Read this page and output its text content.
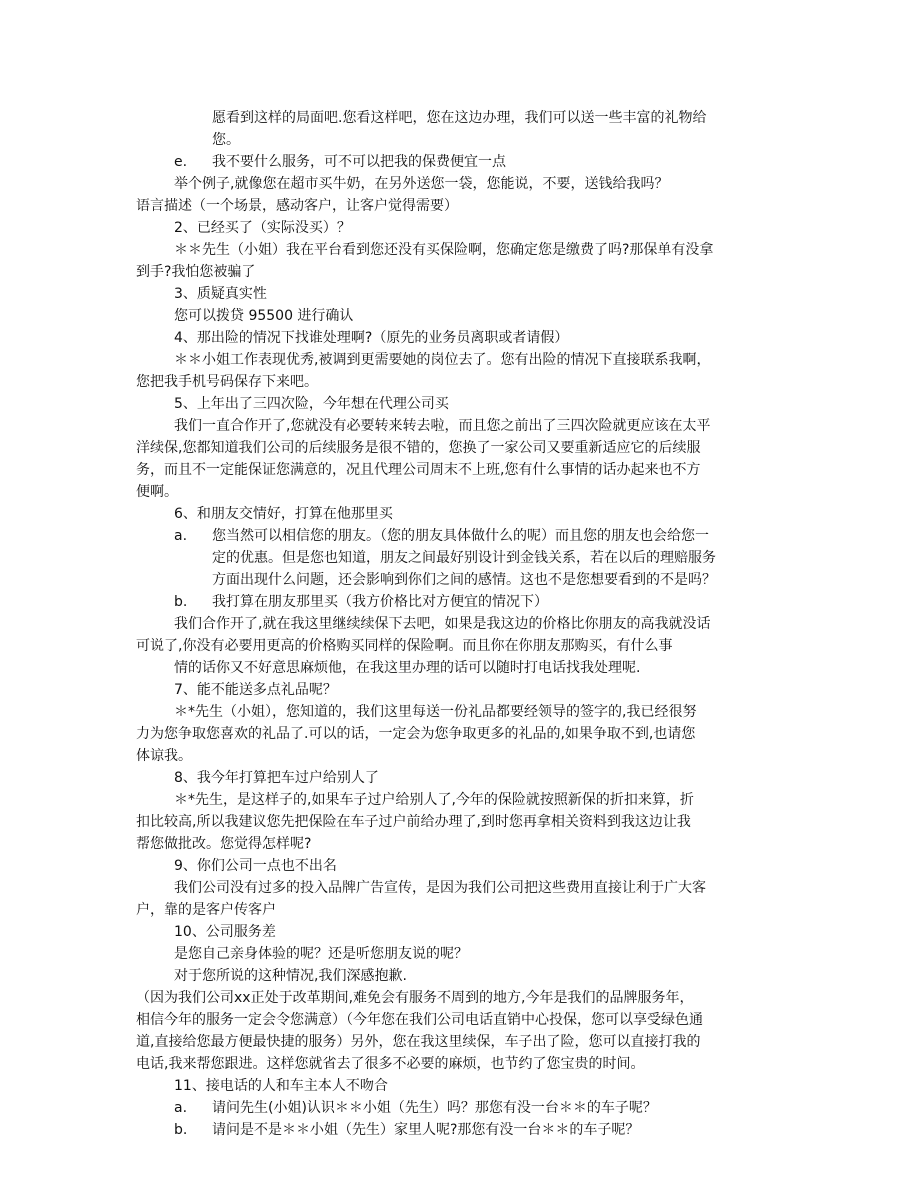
愿看到这样的局面吧.您看这样吧，您在这边办理，我们可以送一些丰富的礼物给
您。
e. 我不要什么服务，可不可以把我的保费便宜一点
举个例子,就像您在超市买牛奶，在另外送您一袋，您能说，不要，送钱给我吗？
语言描述（一个场景，感动客户，让客户觉得需要）
2、已经买了（实际没买）？
＊＊先生（小姐）我在平台看到您还没有买保险啊，您确定您是缴费了吗?那保单有没拿
到手?我怕您被骗了
3、质疑真实性
您可以拨贷 95500 进行确认
4、那出险的情况下找谁处理啊?（原先的业务员离职或者请假）
＊＊小姐工作表现优秀,被调到更需要她的岗位去了。您有出险的情况下直接联系我啊，
您把我手机号码保存下来吧。
5、上年出了三四次险，今年想在代理公司买
我们一直合作开了,您就没有必要转来转去啦，而且您之前出了三四次险就更应该在太平
洋续保,您都知道我们公司的后续服务是很不错的，您换了一家公司又要重新适应它的后续服
务，而且不一定能保证您满意的，况且代理公司周末不上班,您有什么事情的话办起来也不方
便啊。
6、和朋友交情好，打算在他那里买
a. 您当然可以相信您的朋友。（您的朋友具体做什么的呢）而且您的朋友也会给您一
定的优惠。但是您也知道，朋友之间最好别设计到金钱关系，若在以后的理赔服务
方面出现什么问题，还会影响到你们之间的感情。这也不是您想要看到的不是吗？
b. 我打算在朋友那里买（我方价格比对方便宜的情况下）
我们合作开了,就在我这里继续续保下去吧，如果是我这边的价格比你朋友的高我就没话
可说了,你没有必要用更高的价格购买同样的保险啊。而且你在你朋友那购买，有什么事
情的话你又不好意思麻烦他，在我这里办理的话可以随时打电话找我处理呢.
7、能不能送多点礼品呢？
＊*先生（小姐），您知道的，我们这里每送一份礼品都要经领导的签字的,我已经很努
力为您争取您喜欢的礼品了.可以的话，一定会为您争取更多的礼品的,如果争取不到,也请您
体谅我。
8、我今年打算把车过户给别人了
＊*先生，是这样子的,如果车子过户给别人了,今年的保险就按照新保的折扣来算，折
扣比较高,所以我建议您先把保险在车子过户前给办理了,到时您再拿相关资料到我这边让我
帮您做批改。您觉得怎样呢?
9、你们公司一点也不出名
我们公司没有过多的投入品牌广告宣传，是因为我们公司把这些费用直接让利于广大客
户，靠的是客户传客户
10、公司服务差
是您自己亲身体验的呢？还是听您朋友说的呢？
对于您所说的这种情况,我们深感抱歉.
（因为我们公司xx正处于改革期间,难免会有服务不周到的地方,今年是我们的品牌服务年，
相信今年的服务一定会令您满意）（今年您在我们公司电话直销中心投保，您可以享受绿色通
道,直接给您最方便最快捷的服务）另外，您在我这里续保，车子出了险，您可以直接打我的
电话,我来帮您跟进。这样您就省去了很多不必要的麻烦，也节约了您宝贵的时间。
11、接电话的人和车主本人不吻合
a. 请问先生(小姐)认识＊＊小姐（先生）吗？那您有没一台＊＊的车子呢？
b. 请问是不是＊＊小姐（先生）家里人呢?那您有没一台＊＊的车子呢？
